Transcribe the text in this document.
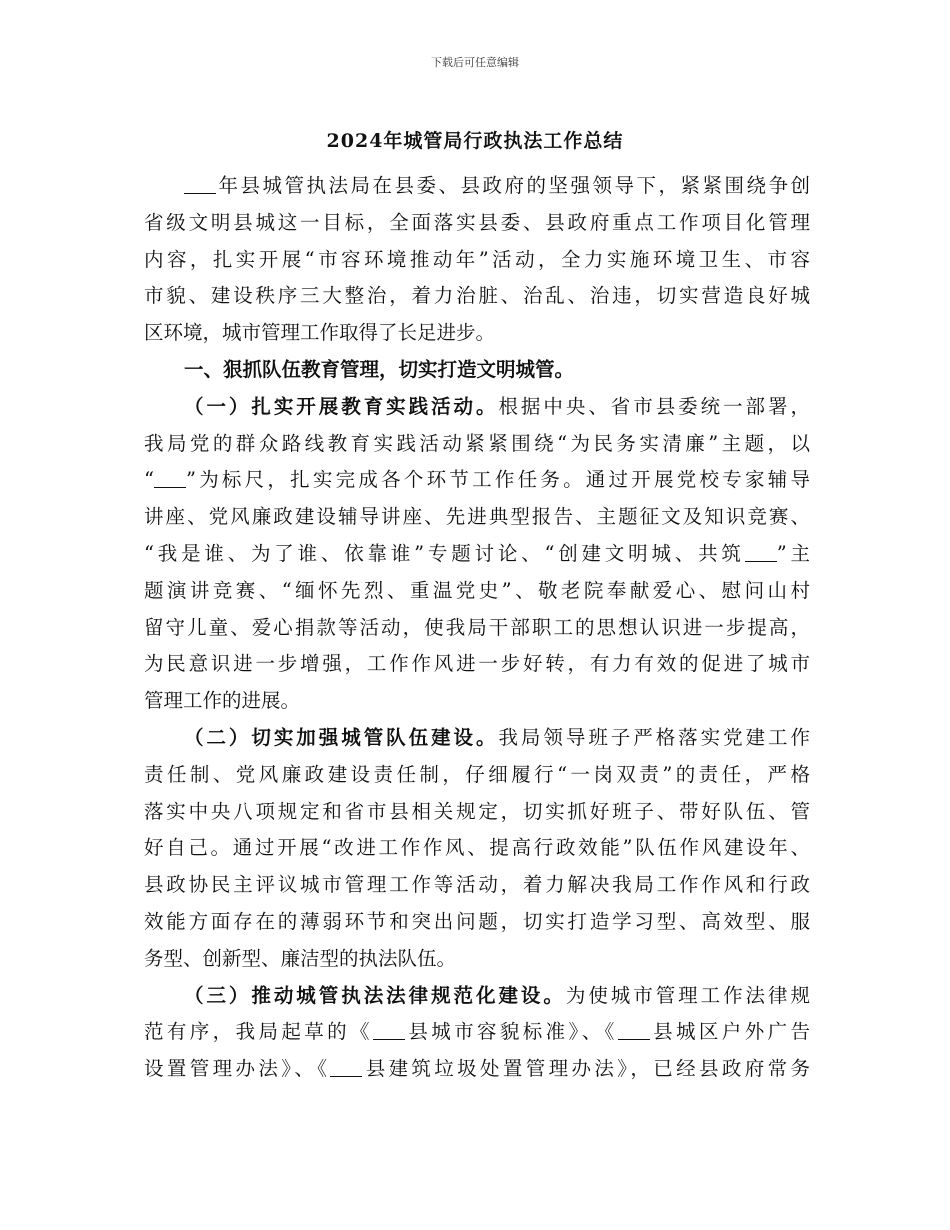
下载后可任意编辑
2024年城管局行政执法工作总结
年县城管执法局在县委、县政府的坚强领导下，紧紧围绕争创
省级文明县城这一目标，全面落实县委、县政府重点工作项目化管理
内容，扎实开展“市容环境推动年”活动，全力实施环境卫生、市容
市貌、建设秩序三大整治，着力治脏、治乱、治违，切实营造良好城
区环境，城市管理工作取得了长足进步。
一、狠抓队伍教育管理，切实打造文明城管。
（一）扎实开展教育实践活动。根据中央、省市县委统一部署，
我局党的群众路线教育实践活动紧紧围绕“为民务实清廉”主题，以
“ ”为标尺，扎实完成各个环节工作任务。通过开展党校专家辅导
讲座、党风廉政建设辅导讲座、先进典型报告、主题征文及知识竞赛、
“我是谁、为了谁、依靠谁”专题讨论、“创建文明城、共筑 ”主
题演讲竞赛、“缅怀先烈、重温党史”、敬老院奉献爱心、慰问山村
留守儿童、爱心捐款等活动，使我局干部职工的思想认识进一步提高，
为民意识进一步增强，工作作风进一步好转，有力有效的促进了城市
管理工作的进展。
（二）切实加强城管队伍建设。我局领导班子严格落实党建工作
责任制、党风廉政建设责任制，仔细履行“一岗双责”的责任，严格
落实中央八项规定和省市县相关规定，切实抓好班子、带好队伍、管
好自己。通过开展“改进工作作风、提高行政效能”队伍作风建设年、
县政协民主评议城市管理工作等活动，着力解决我局工作作风和行政
效能方面存在的薄弱环节和突出问题，切实打造学习型、高效型、服
务型、创新型、廉洁型的执法队伍。
（三）推动城管执法法律规范化建设。为使城市管理工作法律规
范有序，我局起草的《 县城市容貌标准》、《 县城区户外广告
设置管理办法》、《 县建筑垃圾处置管理办法》，已经县政府常务
